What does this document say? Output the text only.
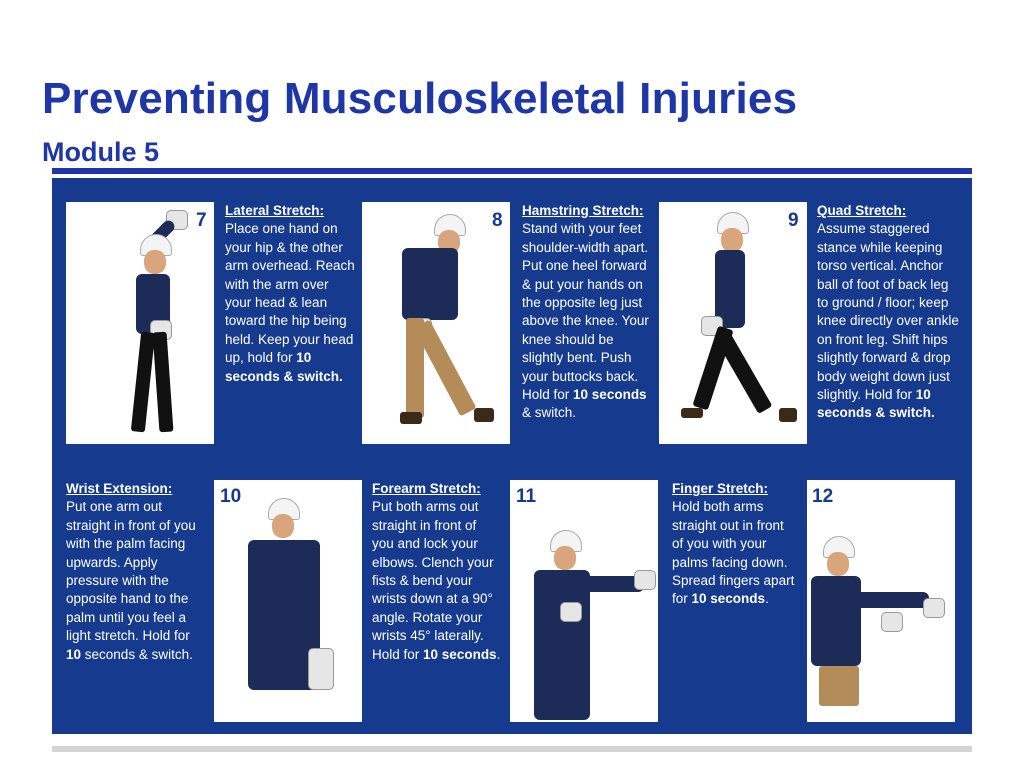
Preventing Musculoskeletal Injuries
Module 5
7 Lateral Stretch:
Place one hand on
your hip & the other
arm overhead. Reach
with the arm over
your head & lean
toward the hip being
held. Keep your head
up, hold for 10
seconds & switch.
8 Hamstring Stretch:
Stand with your feet
shoulder-width apart.
Put one heel forward
& put your hands on
the opposite leg just
above the knee. Your
knee should be
slightly bent. Push
your buttocks back.
Hold for 10 seconds
& switch.
9 Quad Stretch:
Assume staggered
stance while keeping
torso vertical. Anchor
ball of foot of back leg
to ground / floor; keep
knee directly over ankle
on front leg. Shift hips
slightly forward & drop
body weight down just
slightly. Hold for 10
seconds & switch.
Wrist Extension:
Put one arm out
straight in front of you
with the palm facing
upwards. Apply
pressure with the
opposite hand to the
palm until you feel a
light stretch. Hold for
10 seconds & switch.
10	Forearm Stretch:
Put both arms out
straight in front of
you and lock your
elbows. Clench your
fists & bend your
wrists down at a 90°
angle. Rotate your
wrists 45° laterally.
Hold for 10 seconds.
11	Finger Stretch:
Hold both arms
straight out in front
of you with your
palms facing down.
Spread fingers apart
for 10 seconds.
12
